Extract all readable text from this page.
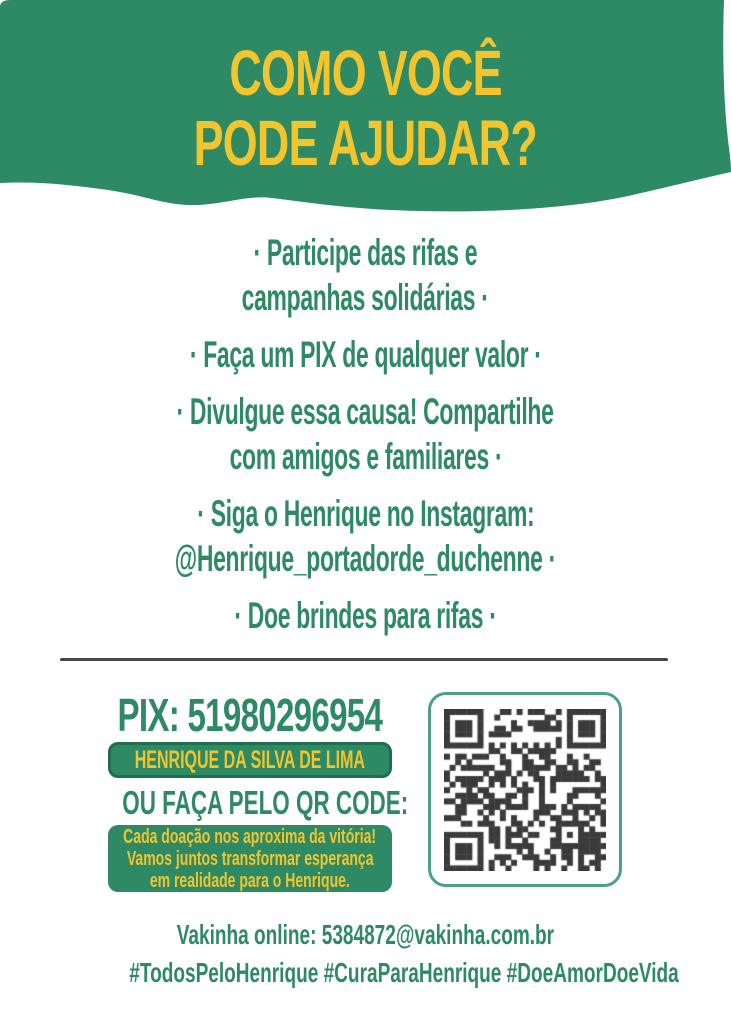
COMO VOCÊ
PODE AJUDAR?
· Participe das rifas e
campanhas solidárias ·
· Faça um PIX de qualquer valor ·
· Divulgue essa causa! Compartilhe
com amigos e familiares ·
· Siga o Henrique no Instagram:
@Henrique_portadorde_duchenne ·
· Doe brindes para rifas ·
PIX: 51980296954
HENRIQUE DA SILVA DE LIMA
OU FAÇA PELO QR CODE:
Cada doação nos aproxima da vitória!
Vamos juntos transformar esperança
em realidade para o Henrique.
Vakinha online: 5384872@vakinha.com.br
#TodosPeloHenrique #CuraParaHenrique #DoeAmorDoeVida
